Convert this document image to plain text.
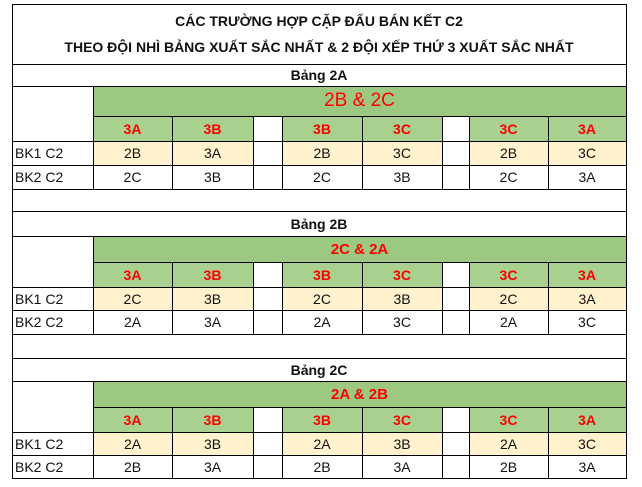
CÁC TRƯỜNG HỢP CẶP ĐẤU BÁN KẾT C2
THEO ĐỘI NHÌ BẢNG XUẤT SẮC NHẤT & 2 ĐỘI XẾP THỨ 3 XUẤT SẮC NHẤT
Bảng 2A
2B & 2C
3A	3B	3B	3C	3C	3A
BK1 C2	2B	3A	2B	3C	2B	3C
BK2 C2	2C	3B	2C	3B	2C	3A
Bảng 2B
2C & 2A
3A	3B	3B	3C	3C	3A
BK1 C2	2C	3B	2C	3B	2C	3A
BK2 C2	2A	3A	2A	3C	2A	3C
Bảng 2C
2A & 2B
3A	3B	3B	3C	3C	3A
BK1 C2	2A	3B	2A	3B	2A	3C
BK2 C2	2B	3A	2B	3A	2B	3A
